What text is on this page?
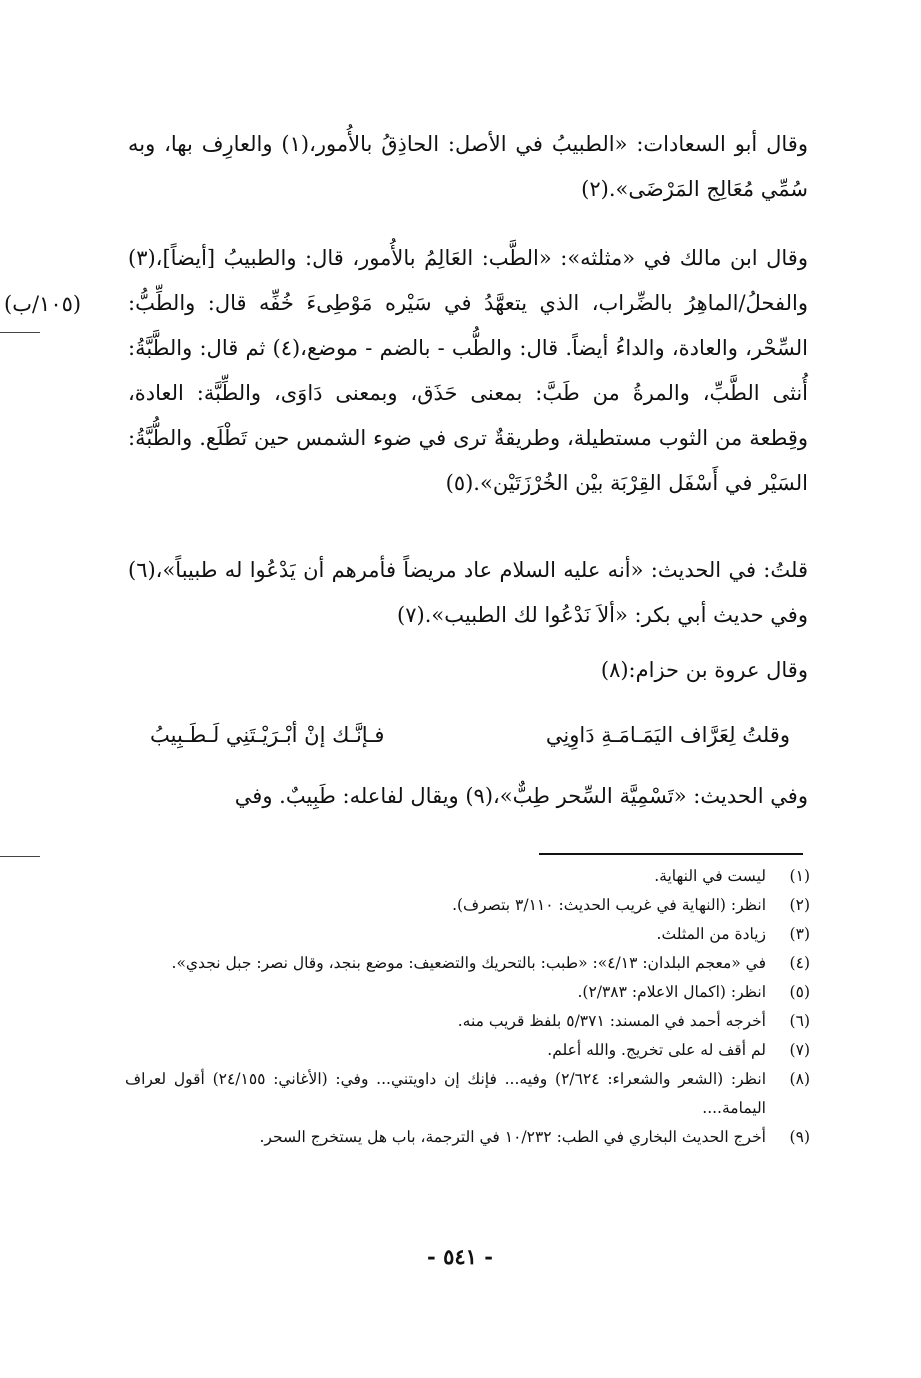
(١٠٥/ب)
وقال أبو السعادات: «الطبيبُ في الأصل: الحاذِقُ بالأُمور،(١) والعارِف بها، وبه سُمِّي مُعَالِج المَرْضَى».(٢)
وقال ابن مالك في «مثلثه»: «الطَّب: العَالِمُ بالأُمور، قال: والطبيبُ [أيضاً]،(٣) والفحلُ/الماهِرُ بالضِّراب، الذي يتعهَّدُ في سَيْره مَوْطِىءَ خُفِّه قال: والطِّبُّ: السِّحْر، والعادة، والداءُ أيضاً. قال: والطُّب - بالضم - موضع،(٤) ثم قال: والطَّبَّةُ: أُنثى الطَّبِّ، والمرةُ من طَبَّ: بمعنى حَذَق، وبمعنى دَاوَى، والطِّبَّة: العادة، وقِطعة من الثوب مستطيلة، وطريقةٌ ترى في ضوء الشمس حين تَطْلَع. والطُّبَّةُ: السَيْر في أَسْفَل القِرْبَة بيْن الخُرْزَتَيْن».(٥)
قلتُ: في الحديث: «أنه عليه السلام عاد مريضاً فأمرهم أن يَدْعُوا له طبيباً»،(٦) وفي حديث أبي بكر: «ألاَ نَدْعُوا لك الطبيب».(٧)
وقال عروة بن حزام:(٨)
وقلتُ لِعَرَّاف اليَمَـامَـةِ دَاوِنِي
فـإنَّـك إنْ أبْـرَيْـتَنِي لَـطَـبِيبُ
وفي الحديث: «تَسْمِيَّة السِّحر طِبٌّ»،(٩) ويقال لفاعله: طَبِيبٌ. وفي
(١)
ليست في النهاية.
(٢)
انظر: (النهاية في غريب الحديث: ٣/١١٠ بتصرف).
(٣)
زيادة من المثلث.
(٤)
في «معجم البلدان: ٤/١٣»: «طبب: بالتحريك والتضعيف: موضع بنجد، وقال نصر: جبل نجدي».
(٥)
انظر: (اكمال الاعلام: ٢/٣٨٣).
(٦)
أخرجه أحمد في المسند: ٥/٣٧١ بلفظ قريب منه.
(٧)
لم أقف له على تخريج. والله أعلم.
(٨)
انظر: (الشعر والشعراء: ٢/٦٢٤) وفيه... فإنك إن داويتني... وفي: (الأغاني: ٢٤/١٥٥) أقول لعراف اليمامة....
(٩)
أخرج الحديث البخاري في الطب: ١٠/٢٣٢ في الترجمة، باب هل يستخرج السحر.
- ٥٤١ -
